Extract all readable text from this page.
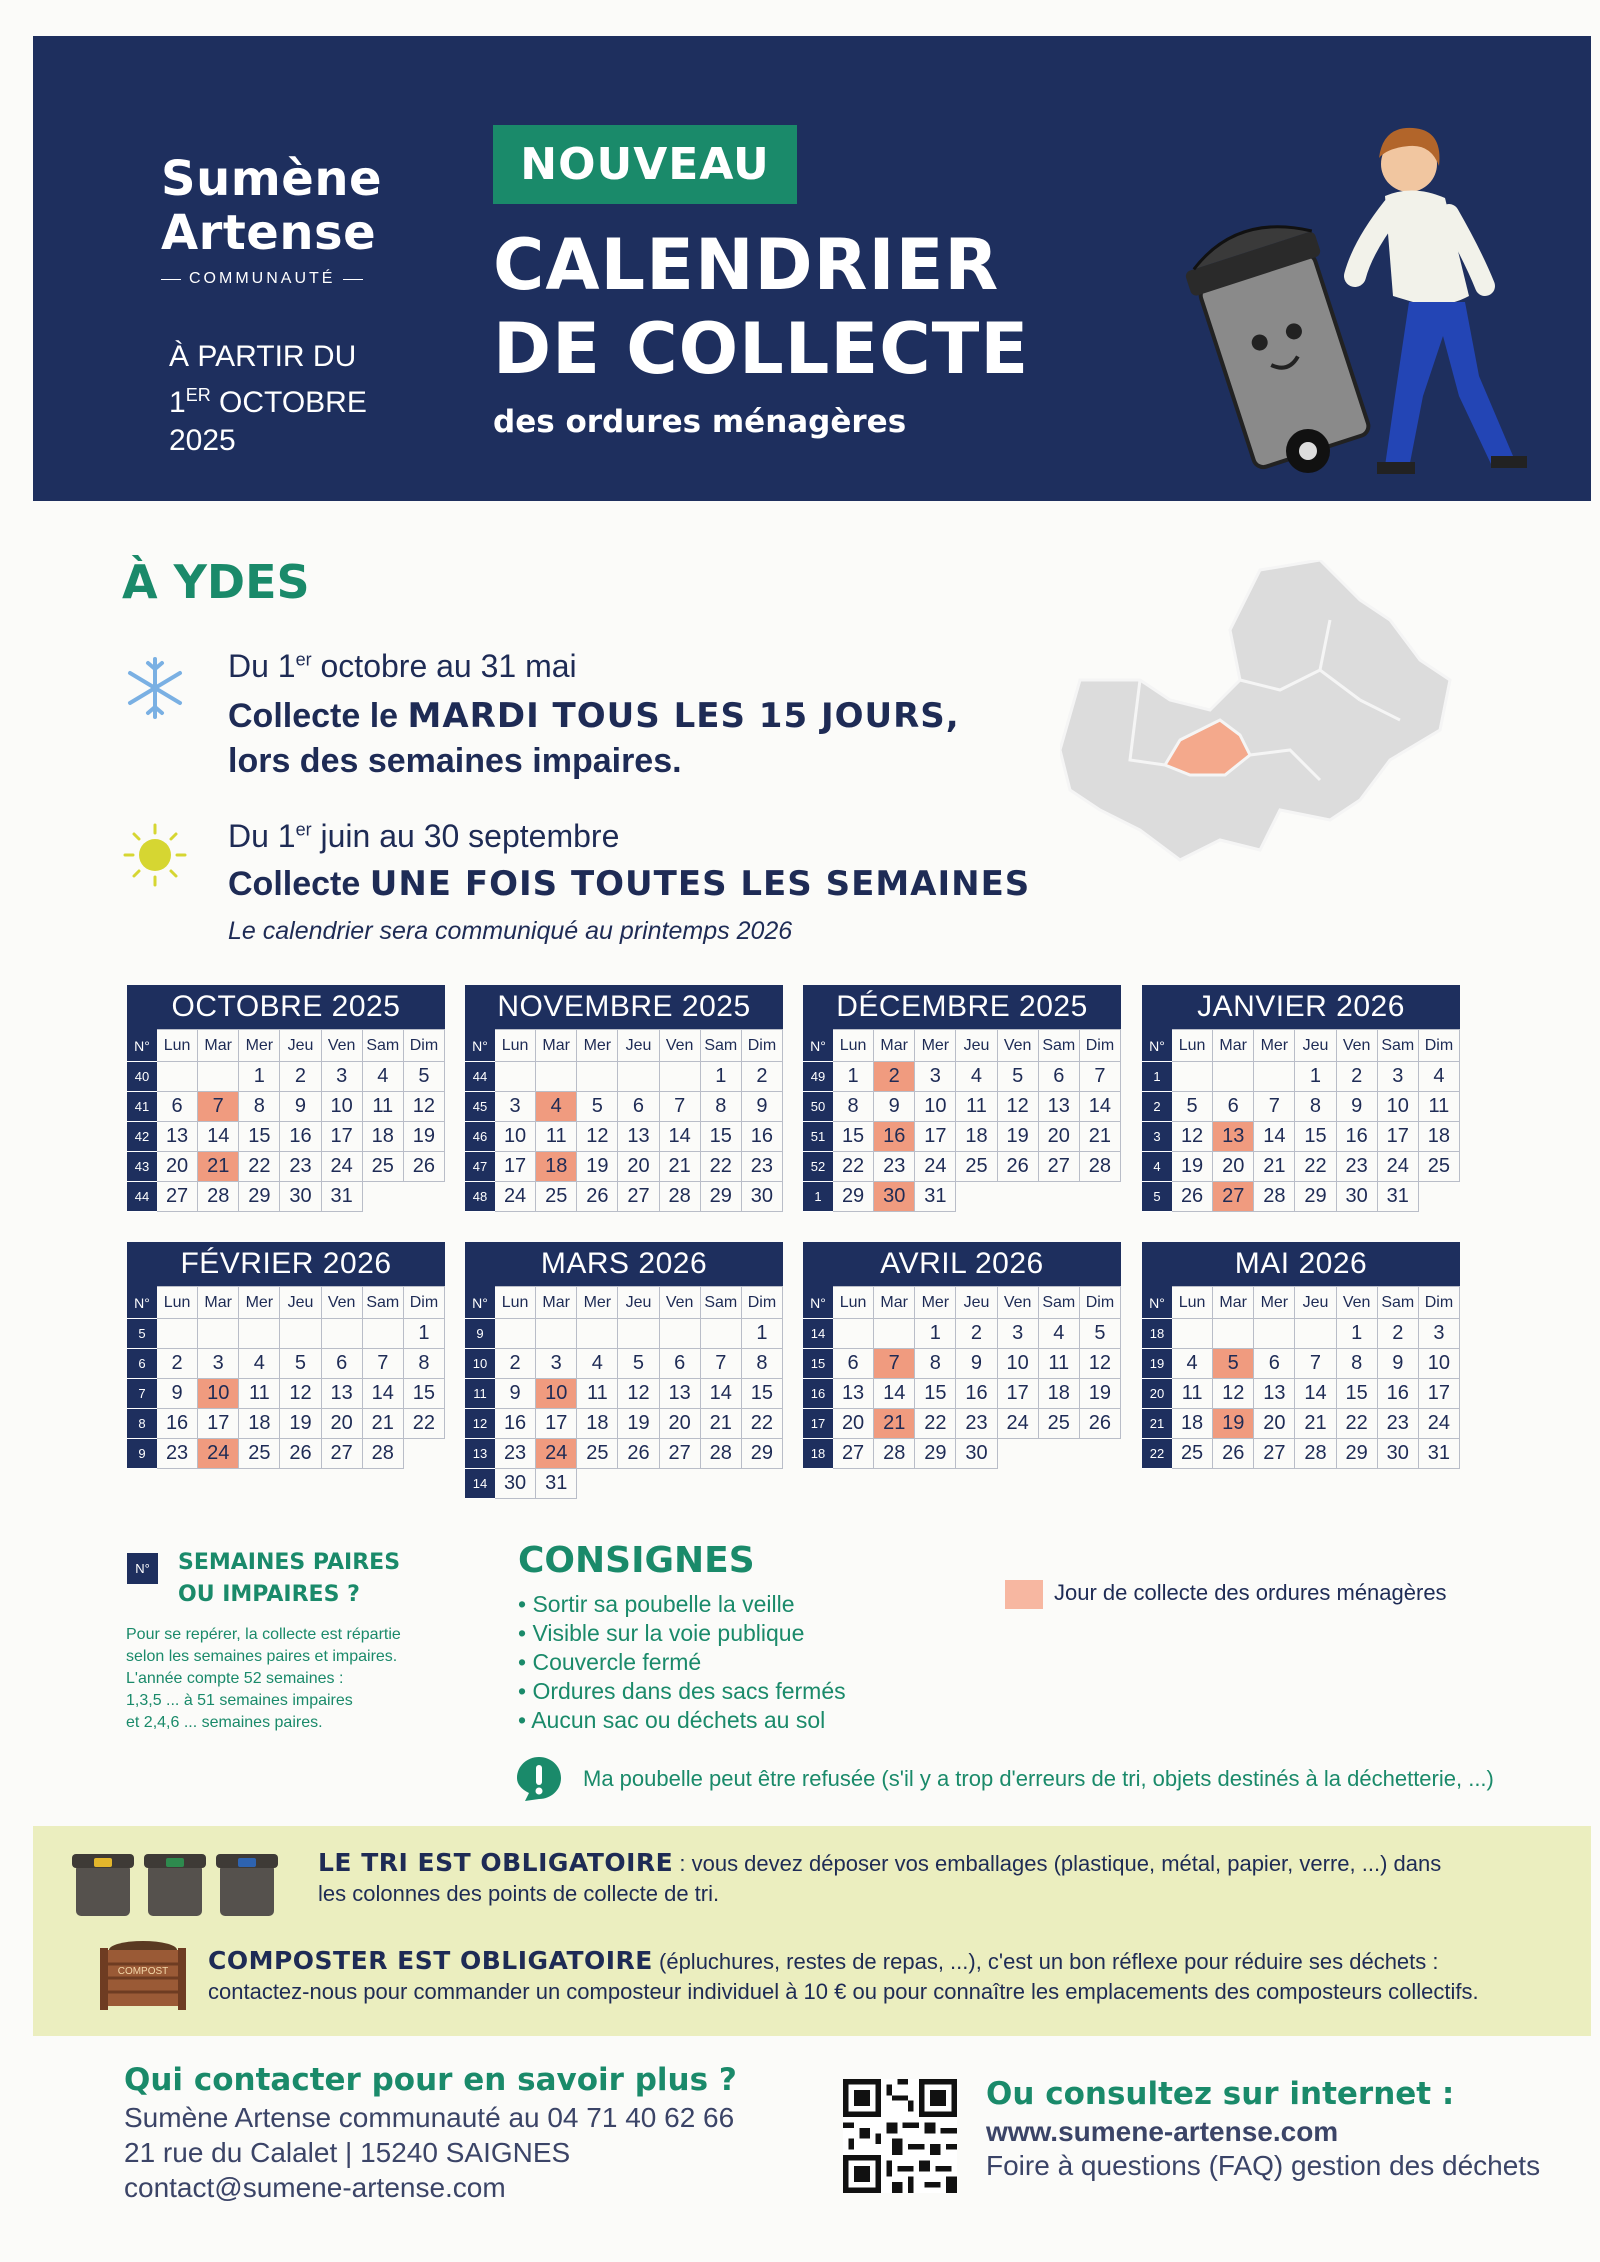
Sumène
Artense
COMMUNAUTÉ
À PARTIR DU
1ER OCTOBRE
2025
NOUVEAU
CALENDRIER
DE COLLECTE
des ordures ménagères
À YDES
Du 1er octobre au 31 mai
Collecte le MARDI TOUS LES 15 JOURS,
lors des semaines impaires.
Du 1er juin au 30 septembre
Collecte UNE FOIS TOUTES LES SEMAINES
Le calendrier sera communiqué au printemps 2026
OCTOBRE 2025
N°	Lun	Mar	Mer	Jeu	Ven	Sam	Dim
40			1	2	3	4	5
41	6	7	8	9	10	11	12
42	13	14	15	16	17	18	19
43	20	21	22	23	24	25	26
44	27	28	29	30	31		
NOVEMBRE 2025
N°	Lun	Mar	Mer	Jeu	Ven	Sam	Dim
44						1	2
45	3	4	5	6	7	8	9
46	10	11	12	13	14	15	16
47	17	18	19	20	21	22	23
48	24	25	26	27	28	29	30
DÉCEMBRE 2025
N°	Lun	Mar	Mer	Jeu	Ven	Sam	Dim
49	1	2	3	4	5	6	7
50	8	9	10	11	12	13	14
51	15	16	17	18	19	20	21
52	22	23	24	25	26	27	28
1	29	30	31				
JANVIER 2026
N°	Lun	Mar	Mer	Jeu	Ven	Sam	Dim
1				1	2	3	4
2	5	6	7	8	9	10	11
3	12	13	14	15	16	17	18
4	19	20	21	22	23	24	25
5	26	27	28	29	30	31	
FÉVRIER 2026
N°	Lun	Mar	Mer	Jeu	Ven	Sam	Dim
5							1
6	2	3	4	5	6	7	8
7	9	10	11	12	13	14	15
8	16	17	18	19	20	21	22
9	23	24	25	26	27	28	
MARS 2026
N°	Lun	Mar	Mer	Jeu	Ven	Sam	Dim
9							1
10	2	3	4	5	6	7	8
11	9	10	11	12	13	14	15
12	16	17	18	19	20	21	22
13	23	24	25	26	27	28	29
14	30	31					
AVRIL 2026
N°	Lun	Mar	Mer	Jeu	Ven	Sam	Dim
14			1	2	3	4	5
15	6	7	8	9	10	11	12
16	13	14	15	16	17	18	19
17	20	21	22	23	24	25	26
18	27	28	29	30			
MAI 2026
N°	Lun	Mar	Mer	Jeu	Ven	Sam	Dim
18					1	2	3
19	4	5	6	7	8	9	10
20	11	12	13	14	15	16	17
21	18	19	20	21	22	23	24
22	25	26	27	28	29	30	31
N°	SEMAINES PAIRES
OU IMPAIRES ?
Pour se repérer, la collecte est répartie
selon les semaines paires et impaires.
L'année compte 52 semaines :
1,3,5 ... à 51 semaines impaires
et 2,4,6 ... semaines paires.
CONSIGNES
• Sortir sa poubelle la veille
• Visible sur la voie publique
• Couvercle fermé
• Ordures dans des sacs fermés
• Aucun sac ou déchets au sol
Jour de collecte des ordures ménagères
Ma poubelle peut être refusée (s'il y a trop d'erreurs de tri, objets destinés à la déchetterie, ...)
LE TRI EST OBLIGATOIRE : vous devez déposer vos emballages (plastique, métal, papier, verre, ...) dans les colonnes des points de collecte de tri.
COMPOST COMPOSTER EST OBLIGATOIRE (épluchures, restes de repas, ...), c'est un bon réflexe pour réduire ses déchets : contactez-nous pour commander un composteur individuel à 10 € ou pour connaître les emplacements des composteurs collectifs.
Qui contacter pour en savoir plus ?
Sumène Artense communauté au 04 71 40 62 66
21 rue du Calalet | 15240 SAIGNES
contact@sumene-artense.com
Ou consultez sur internet :
www.sumene-artense.com
Foire à questions (FAQ) gestion des déchets
